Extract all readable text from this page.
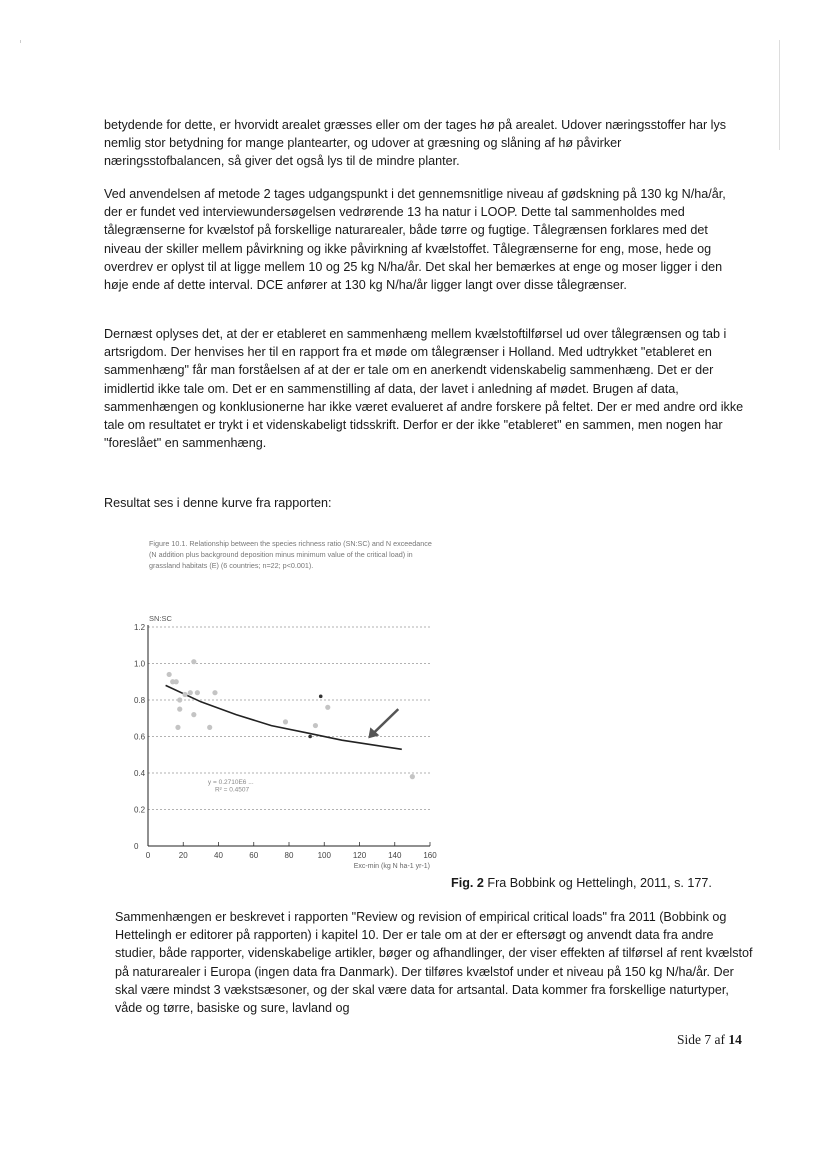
betydende for dette, er hvorvidt arealet græsses eller om der tages hø på arealet. Udover næringsstoffer har lys nemlig stor betydning for mange plantearter, og udover at græsning og slåning af hø påvirker næringsstofbalancen, så giver det også lys til de mindre planter.

Ved anvendelsen af metode 2 tages udgangspunkt i det gennemsnitlige niveau af gødskning på 130 kg N/ha/år, der er fundet ved interviewundersøgelsen vedrørende 13 ha natur i LOOP. Dette tal sammenholdes med tålegrænserne for kvælstof på forskellige naturarealer, både tørre og fugtige. Tålegrænsen forklares med det niveau der skiller mellem påvirkning og ikke påvirkning af kvælstoffet. Tålegrænserne for eng, mose, hede og overdrev er oplyst til at ligge mellem 10 og 25 kg N/ha/år. Det skal her bemærkes at enge og moser ligger i den høje ende af dette interval. DCE anfører at 130 kg N/ha/år ligger langt over disse tålegrænser.

Dernæst oplyses det, at der er etableret en sammenhæng mellem kvælstoftilførsel ud over tålegrænsen og tab i artsrigdom. Der henvises her til en rapport fra et møde om tålegrænser i Holland. Med udtrykket "etableret en sammenhæng" får man forståelsen af at der er tale om en anerkendt videnskabelig sammenhæng. Det er der imidlertid ikke tale om. Det er en sammenstilling af data, der lavet i anledning af mødet. Brugen af data, sammenhængen og konklusionerne har ikke været evalueret af andre forskere på feltet. Der er med andre ord ikke tale om resultatet er trykt i et videnskabeligt tidsskrift. Derfor er der ikke "etableret" en sammen, men nogen har "foreslået" en sammenhæng.

Resultat ses i denne kurve fra rapporten:

Figure 10.1. Relationship between the species richness ratio (SN:SC) and N exceedance (N addition plus background deposition minus minimum value of the critical load) in grassland habitats (E) (6 countries; n=22; p<0.001).
0
0.2
0.4
0.6
0.8
1.0
1.2
0	20	40	60	80	100	120	140	160
SN:SC
Exc-min (kg N ha-1 yr-1)
y = 0.2710E6 ...
R² = 0.4507
Fig. 2 Fra Bobbink og Hettelingh, 2011, s. 177.

Sammenhængen er beskrevet i rapporten "Review og revision of empirical critical loads" fra 2011 (Bobbink og Hettelingh er editorer på rapporten) i kapitel 10. Der er tale om at der er eftersøgt og anvendt data fra andre studier, både rapporter, videnskabelige artikler, bøger og afhandlinger, der viser effekten af tilførsel af rent kvælstof på naturarealer i Europa (ingen data fra Danmark). Der tilføres kvælstof under et niveau på 150 kg N/ha/år. Der skal være mindst 3 vækstsæsoner, og der skal være data for artsantal. Data kommer fra forskellige naturtyper, våde og tørre, basiske og sure, lavland og

Side 7 af 14
